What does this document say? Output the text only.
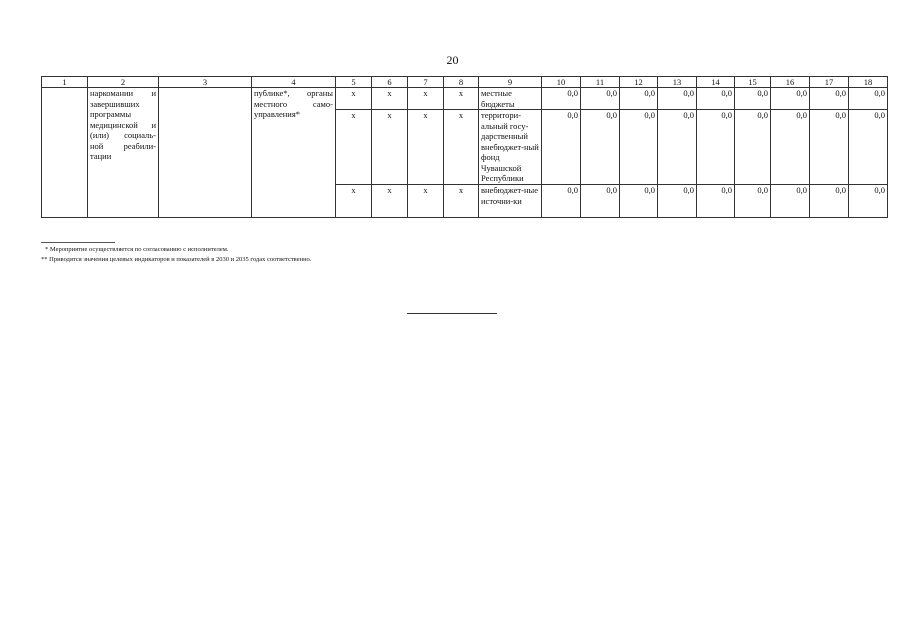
20
1	2	3	4	5	6	7	8	9	10	11	12	13	14	15	16	17	18
	наркомании и завершивших программы медицинской и (или) социаль-ной реабили-тации		публике*, органы местного само-управления*	х	х	х	х	местные бюджеты	0,0	0,0	0,0	0,0	0,0	0,0	0,0	0,0	0,0
				х	х	х	х	территори-альный госу-дарственный внебюджет-ный фонд Чувашской Республики	0,0	0,0	0,0	0,0	0,0	0,0	0,0	0,0	0,0
				х	х	х	х	внебюджет-ные источни-ки	0,0	0,0	0,0	0,0	0,0	0,0	0,0	0,0	0,0
* Мероприятие осуществляется по согласованию с исполнителем.
** Приводятся значения целевых индикаторов и показателей в 2030 и 2035 годах соответственно.
